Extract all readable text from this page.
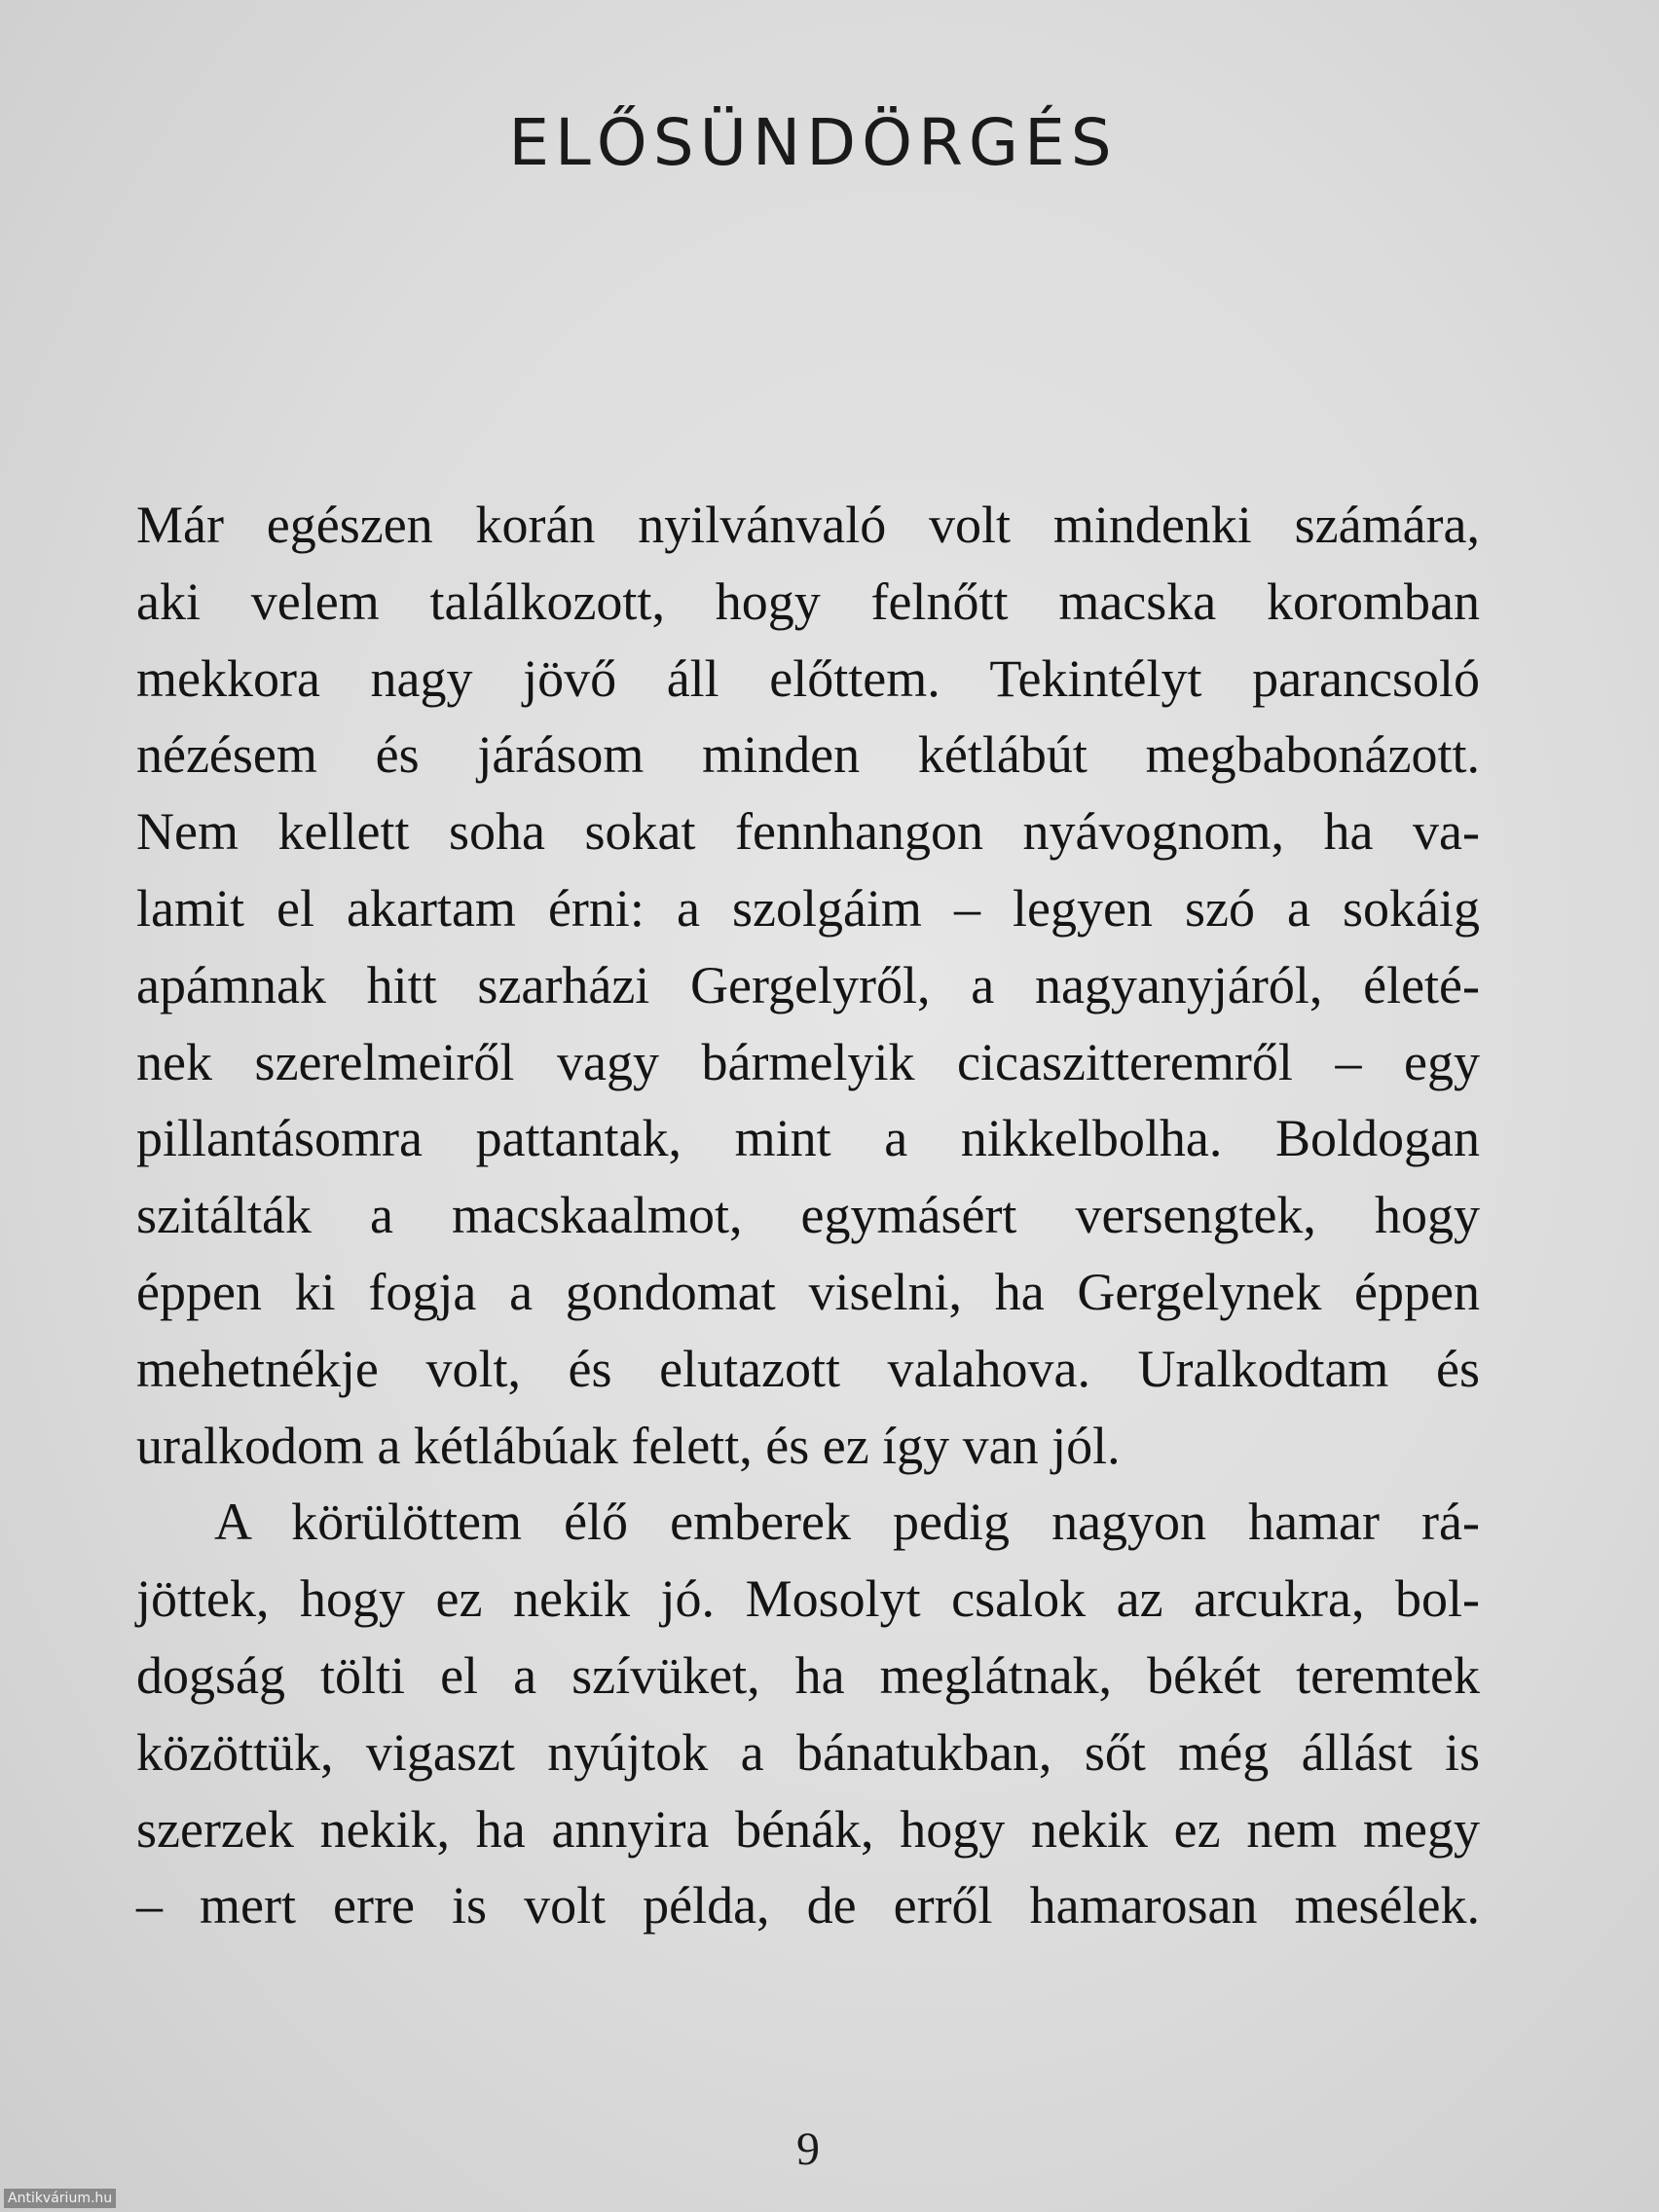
ELŐSÜNDÖRGÉS
Már egészen korán nyilvánvaló volt mindenki számára,
aki velem találkozott, hogy felnőtt macska koromban
mekkora nagy jövő áll előttem. Tekintélyt parancsoló
nézésem és járásom minden kétlábút megbabonázott.
Nem kellett soha sokat fennhangon nyávognom, ha va-
lamit el akartam érni: a szolgáim – legyen szó a sokáig
apámnak hitt szarházi Gergelyről, a nagyanyjáról, életé-
nek szerelmeiről vagy bármelyik cicaszitteremről – egy
pillantásomra pattantak, mint a nikkelbolha. Boldogan
szitálták a macskaalmot, egymásért versengtek, hogy
éppen ki fogja a gondomat viselni, ha Gergelynek éppen
mehetnékje volt, és elutazott valahova. Uralkodtam és
uralkodom a kétlábúak felett, és ez így van jól.
A körülöttem élő emberek pedig nagyon hamar rá-
jöttek, hogy ez nekik jó. Mosolyt csalok az arcukra, bol-
dogság tölti el a szívüket, ha meglátnak, békét teremtek
közöttük, vigaszt nyújtok a bánatukban, sőt még állást is
szerzek nekik, ha annyira bénák, hogy nekik ez nem megy
– mert erre is volt példa, de erről hamarosan mesélek.
9
Antikvárium.hu
